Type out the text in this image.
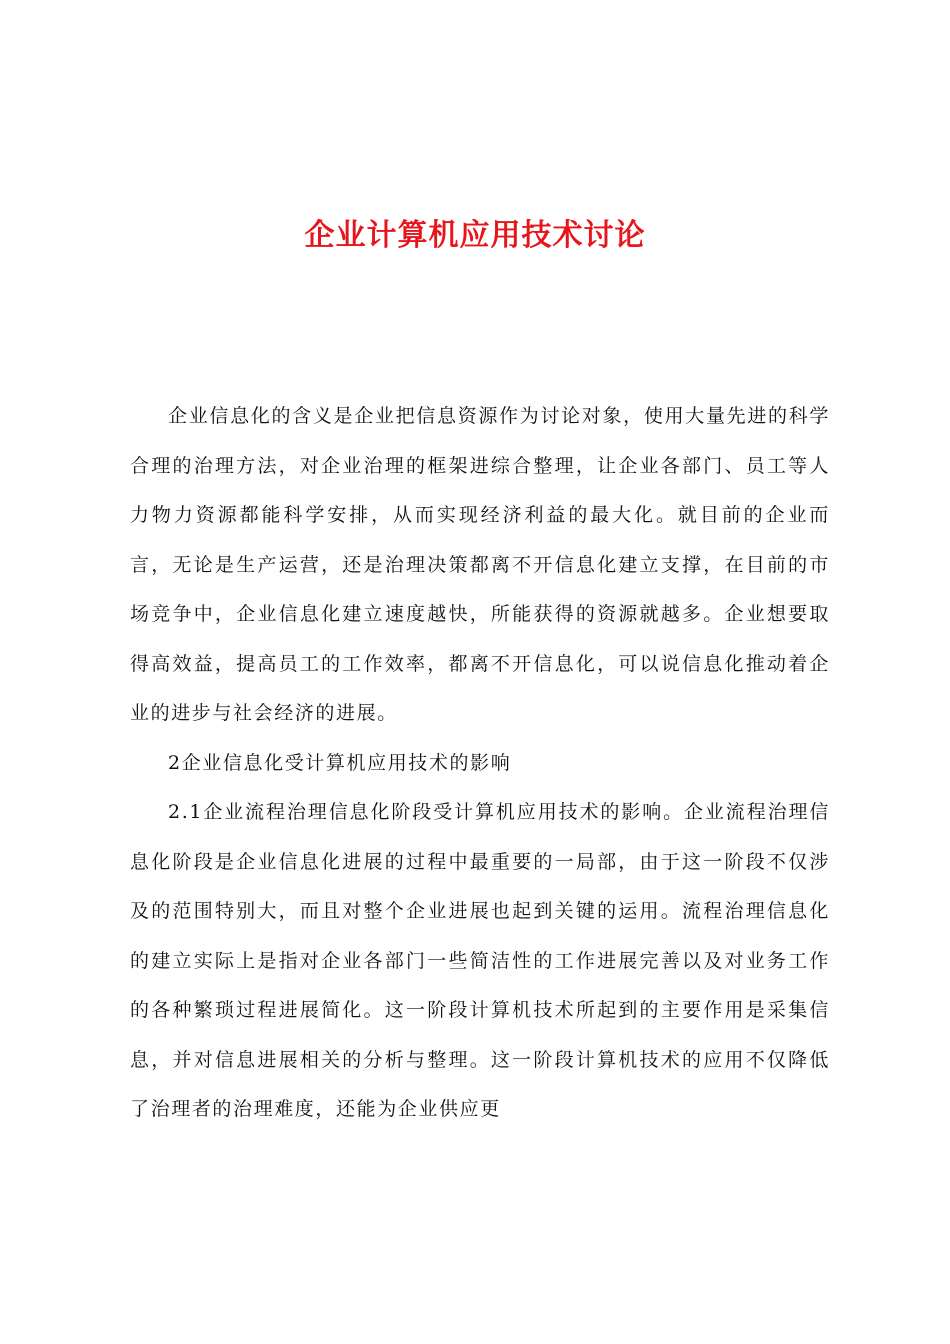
企业计算机应用技术讨论

企业信息化的含义是企业把信息资源作为讨论对象，使用大量先进的科学合理的治理方法，对企业治理的框架进综合整理，让企业各部门、员工等人力物力资源都能科学安排，从而实现经济利益的最大化。就目前的企业而言，无论是生产运营，还是治理决策都离不开信息化建立支撑，在目前的市场竞争中，企业信息化建立速度越快，所能获得的资源就越多。企业想要取得高效益，提高员工的工作效率，都离不开信息化，可以说信息化推动着企业的进步与社会经济的进展。

2企业信息化受计算机应用技术的影响

2.1企业流程治理信息化阶段受计算机应用技术的影响。企业流程治理信息化阶段是企业信息化进展的过程中最重要的一局部，由于这一阶段不仅涉及的范围特别大，而且对整个企业进展也起到关键的运用。流程治理信息化的建立实际上是指对企业各部门一些简洁性的工作进展完善以及对业务工作的各种繁琐过程进展简化。这一阶段计算机技术所起到的主要作用是采集信息，并对信息进展相关的分析与整理。这一阶段计算机技术的应用不仅降低了治理者的治理难度，还能为企业供应更
